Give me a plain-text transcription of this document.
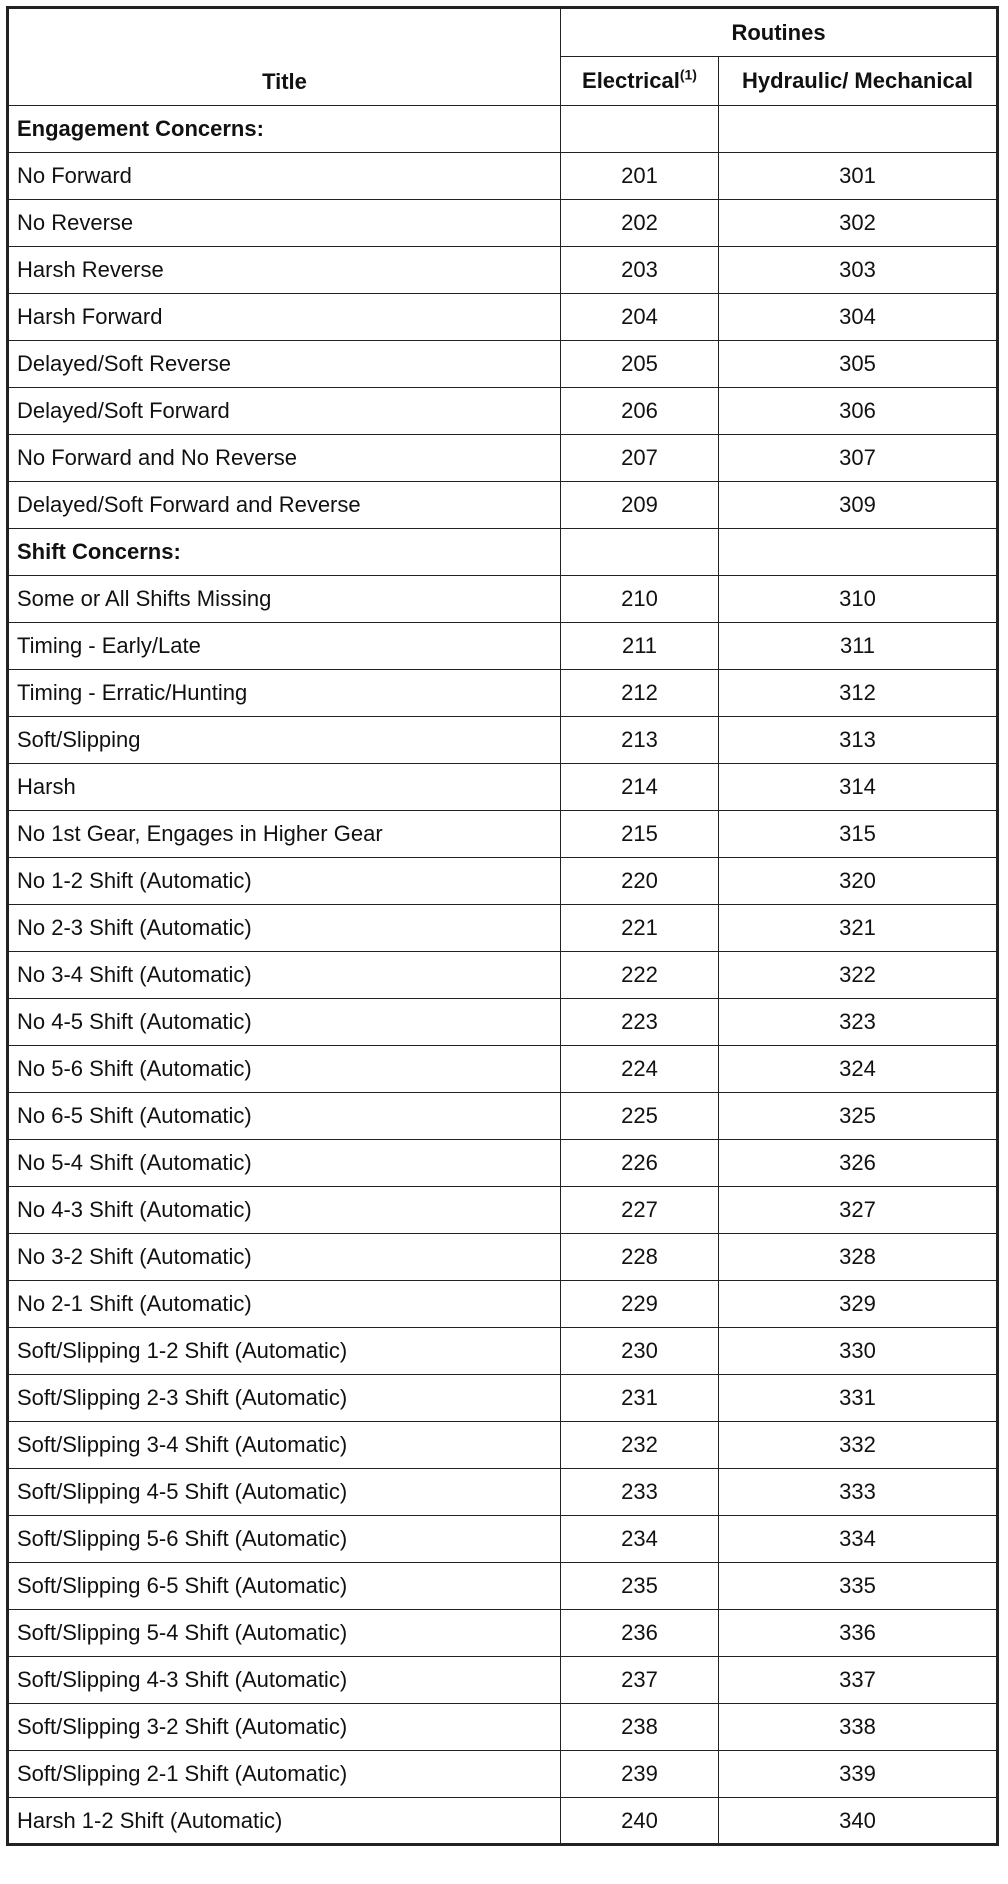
Title	Routines	
	Electrical$^{(1)}$	Hydraulic/ Mechanical
Engagement Concerns:		
No Forward	201	301
No Reverse	202	302
Harsh Reverse	203	303
Harsh Forward	204	304
Delayed/Soft Reverse	205	305
Delayed/Soft Forward	206	306
No Forward and No Reverse	207	307
Delayed/Soft Forward and Reverse	209	309
Shift Concerns:		
Some or All Shifts Missing	210	310
Timing - Early/Late	211	311
Timing - Erratic/Hunting	212	312
Soft/Slipping	213	313
Harsh	214	314
No 1st Gear, Engages in Higher Gear	215	315
No 1-2 Shift (Automatic)	220	320
No 2-3 Shift (Automatic)	221	321
No 3-4 Shift (Automatic)	222	322
No 4-5 Shift (Automatic)	223	323
No 5-6 Shift (Automatic)	224	324
No 6-5 Shift (Automatic)	225	325
No 5-4 Shift (Automatic)	226	326
No 4-3 Shift (Automatic)	227	327
No 3-2 Shift (Automatic)	228	328
No 2-1 Shift (Automatic)	229	329
Soft/Slipping 1-2 Shift (Automatic)	230	330
Soft/Slipping 2-3 Shift (Automatic)	231	331
Soft/Slipping 3-4 Shift (Automatic)	232	332
Soft/Slipping 4-5 Shift (Automatic)	233	333
Soft/Slipping 5-6 Shift (Automatic)	234	334
Soft/Slipping 6-5 Shift (Automatic)	235	335
Soft/Slipping 5-4 Shift (Automatic)	236	336
Soft/Slipping 4-3 Shift (Automatic)	237	337
Soft/Slipping 3-2 Shift (Automatic)	238	338
Soft/Slipping 2-1 Shift (Automatic)	239	339
Harsh 1-2 Shift (Automatic)	240	340
